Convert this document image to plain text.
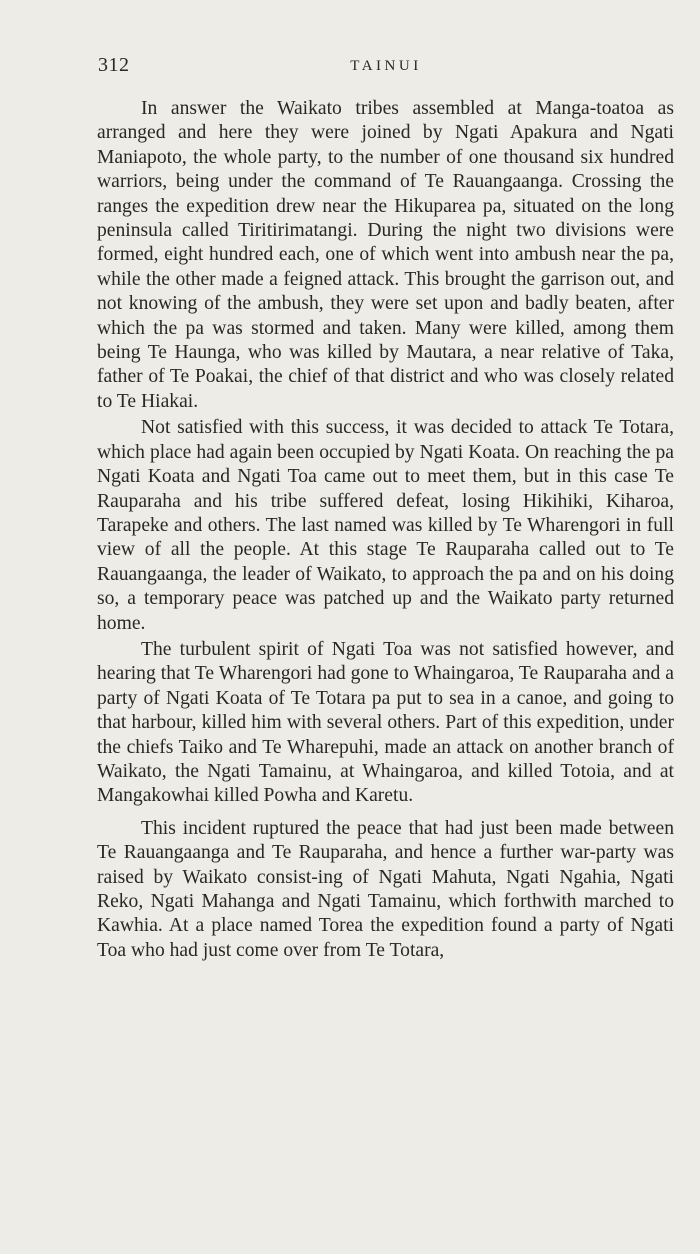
312	TAINUI

In answer the Waikato tribes assembled at Manga-toatoa as arranged and here they were joined by Ngati Apakura and Ngati Maniapoto, the whole party, to the number of one thousand six hundred warriors, being under the command of Te Rauangaanga. Crossing the ranges the expedition drew near the Hikuparea pa, situated on the long peninsula called Tiritirimatangi. During the night two divisions were formed, eight hundred each, one of which went into ambush near the pa, while the other made a feigned attack. This brought the garrison out, and not knowing of the ambush, they were set upon and badly beaten, after which the pa was stormed and taken. Many were killed, among them being Te Haunga, who was killed by Mautara, a near relative of Taka, father of Te Poakai, the chief of that district and who was closely related to Te Hiakai.

Not satisfied with this success, it was decided to attack Te Totara, which place had again been occupied by Ngati Koata. On reaching the pa Ngati Koata and Ngati Toa came out to meet them, but in this case Te Rauparaha and his tribe suffered defeat, losing Hikihiki, Kiharoa, Tarapeke and others. The last named was killed by Te Wharengori in full view of all the people. At this stage Te Rauparaha called out to Te Rauangaanga, the leader of Waikato, to approach the pa and on his doing so, a temporary peace was patched up and the Waikato party returned home.

The turbulent spirit of Ngati Toa was not satisfied however, and hearing that Te Wharengori had gone to Whaingaroa, Te Rauparaha and a party of Ngati Koata of Te Totara pa put to sea in a canoe, and going to that harbour, killed him with several others. Part of this expedition, under the chiefs Taiko and Te Wharepuhi, made an attack on another branch of Waikato, the Ngati Tamainu, at Whaingaroa, and killed Totoia, and at Mangakowhai killed Powha and Karetu.

This incident ruptured the peace that had just been made between Te Rauangaanga and Te Rauparaha, and hence a further war-party was raised by Waikato consist-ing of Ngati Mahuta, Ngati Ngahia, Ngati Reko, Ngati Mahanga and Ngati Tamainu, which forthwith marched to Kawhia. At a place named Torea the expedition found a party of Ngati Toa who had just come over from Te Totara,
